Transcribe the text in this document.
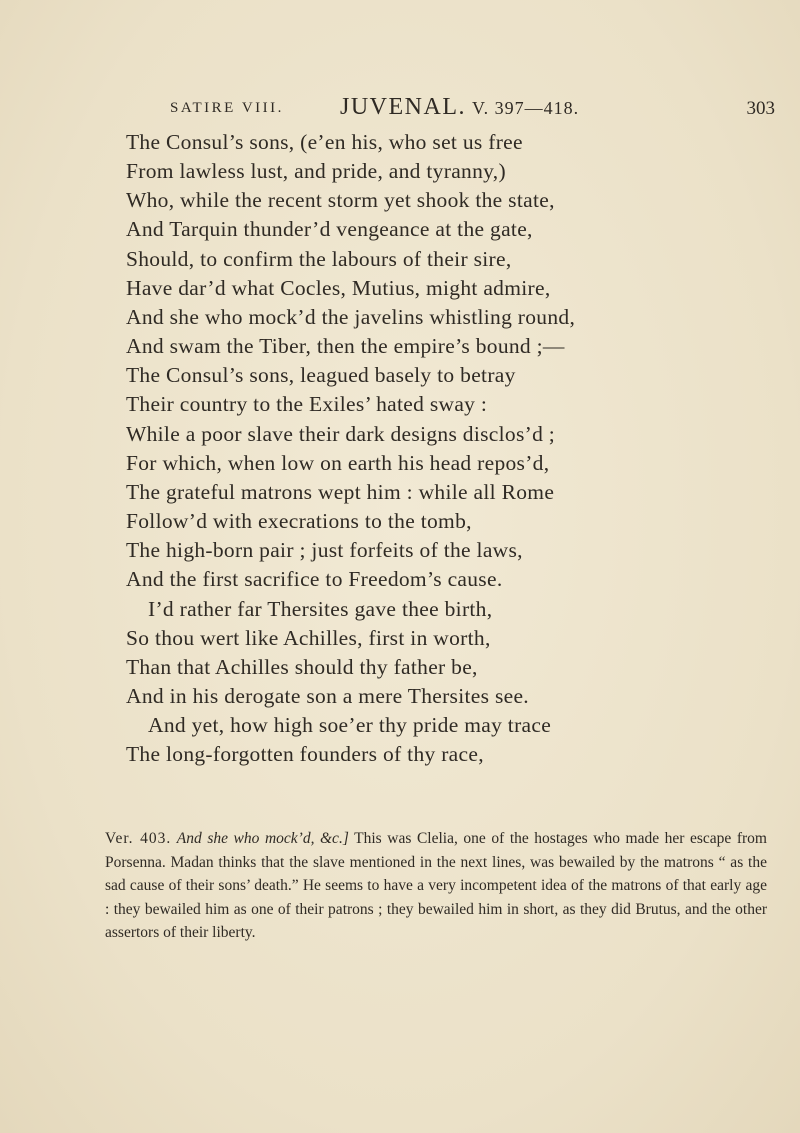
SATIRE VIII. JUVENAL. V. 397—418.	303
The Consul’s sons, (e’en his, who set us free
From lawless lust, and pride, and tyranny,)
Who, while the recent storm yet shook the state,
And Tarquin thunder’d vengeance at the gate,
Should, to confirm the labours of their sire,
Have dar’d what Cocles, Mutius, might admire,
And she who mock’d the javelins whistling round,
And swam the Tiber, then the empire’s bound ;—
The Consul’s sons, leagued basely to betray
Their country to the Exiles’ hated sway :
While a poor slave their dark designs disclos’d ;
For which, when low on earth his head repos’d,
The grateful matrons wept him : while all Rome
Follow’d with execrations to the tomb,
The high-born pair ; just forfeits of the laws,
And the first sacrifice to Freedom’s cause.
I’d rather far Thersites gave thee birth,
So thou wert like Achilles, first in worth,
Than that Achilles should thy father be,
And in his derogate son a mere Thersites see.
And yet, how high soe’er thy pride may trace
The long-forgotten founders of thy race,
Ver. 403. And she who mock’d, &c.] This was Clelia, one of the hostages who made her escape from Porsenna. Madan thinks that the slave mentioned in the next lines, was bewailed by the matrons “ as the sad cause of their sons’ death.” He seems to have a very incompetent idea of the matrons of that early age : they bewailed him as one of their patrons ; they bewailed him in short, as they did Brutus, and the other assertors of their liberty.
